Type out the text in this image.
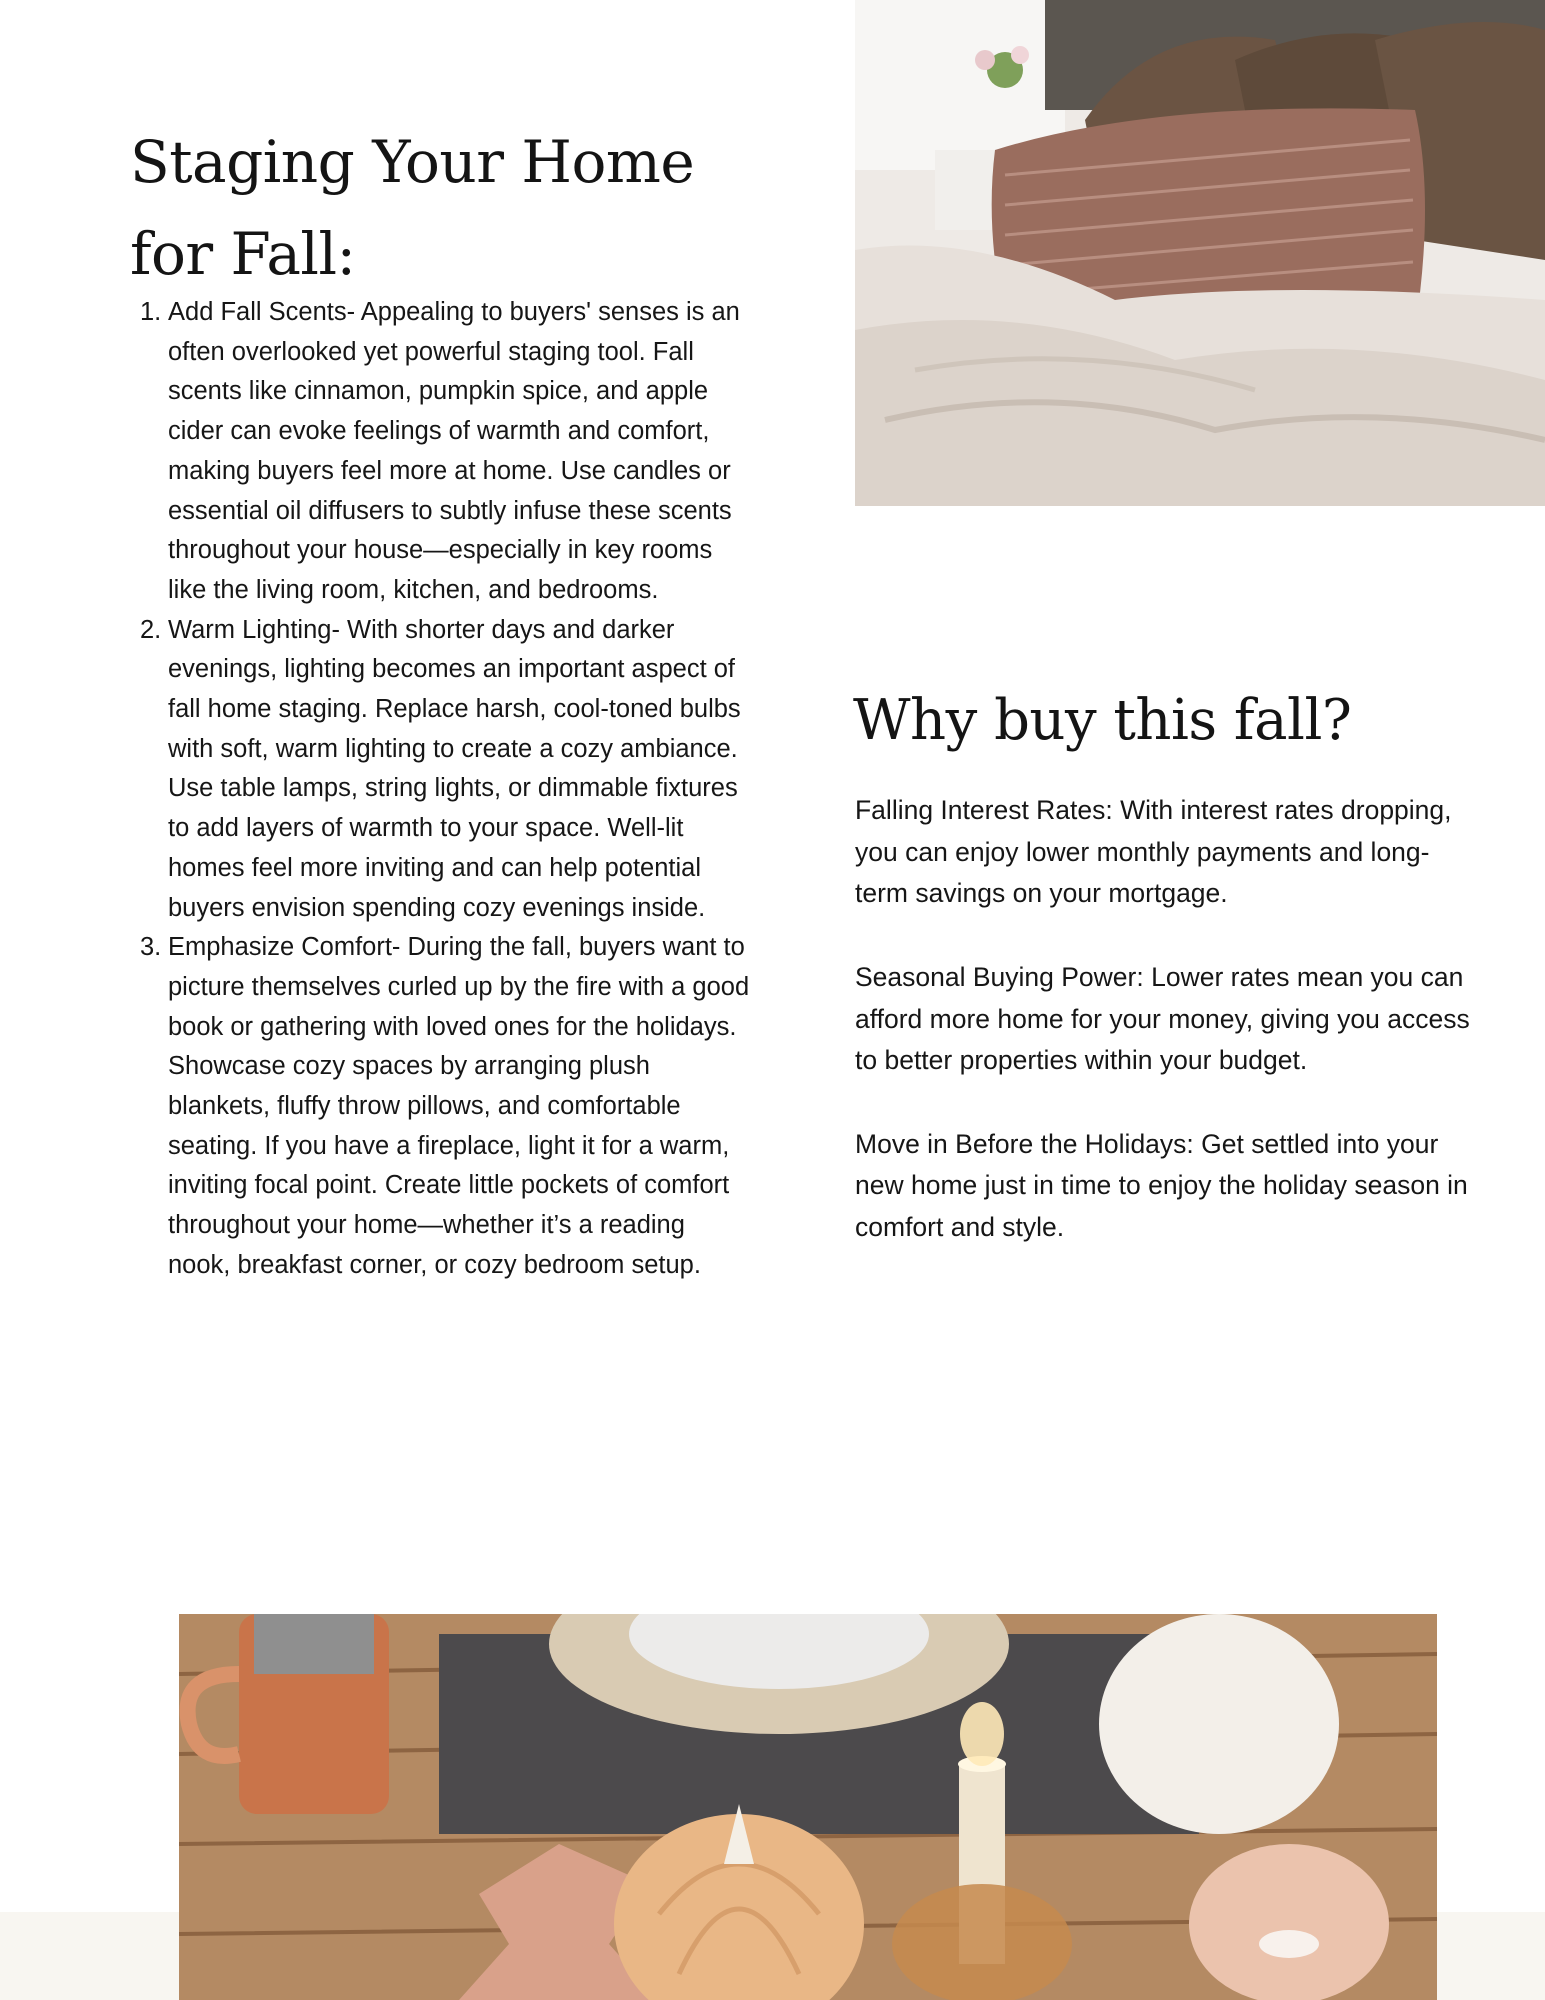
Staging Your Home for Fall:
1. Add Fall Scents- Appealing to buyers' senses is an often overlooked yet powerful staging tool. Fall scents like cinnamon, pumpkin spice, and apple cider can evoke feelings of warmth and comfort, making buyers feel more at home. Use candles or essential oil diffusers to subtly infuse these scents throughout your house—especially in key rooms like the living room, kitchen, and bedrooms.
2. Warm Lighting- With shorter days and darker evenings, lighting becomes an important aspect of fall home staging. Replace harsh, cool-toned bulbs with soft, warm lighting to create a cozy ambiance. Use table lamps, string lights, or dimmable fixtures to add layers of warmth to your space. Well-lit homes feel more inviting and can help potential buyers envision spending cozy evenings inside.
3. Emphasize Comfort- During the fall, buyers want to picture themselves curled up by the fire with a good book or gathering with loved ones for the holidays. Showcase cozy spaces by arranging plush blankets, fluffy throw pillows, and comfortable seating. If you have a fireplace, light it for a warm, inviting focal point. Create little pockets of comfort throughout your home—whether it’s a reading nook, breakfast corner, or cozy bedroom setup.
Why buy this fall?

Falling Interest Rates: With interest rates dropping, you can enjoy lower monthly payments and long-term savings on your mortgage.

Seasonal Buying Power: Lower rates mean you can afford more home for your money, giving you access to better properties within your budget.

Move in Before the Holidays: Get settled into your new home just in time to enjoy the holiday season in comfort and style.
